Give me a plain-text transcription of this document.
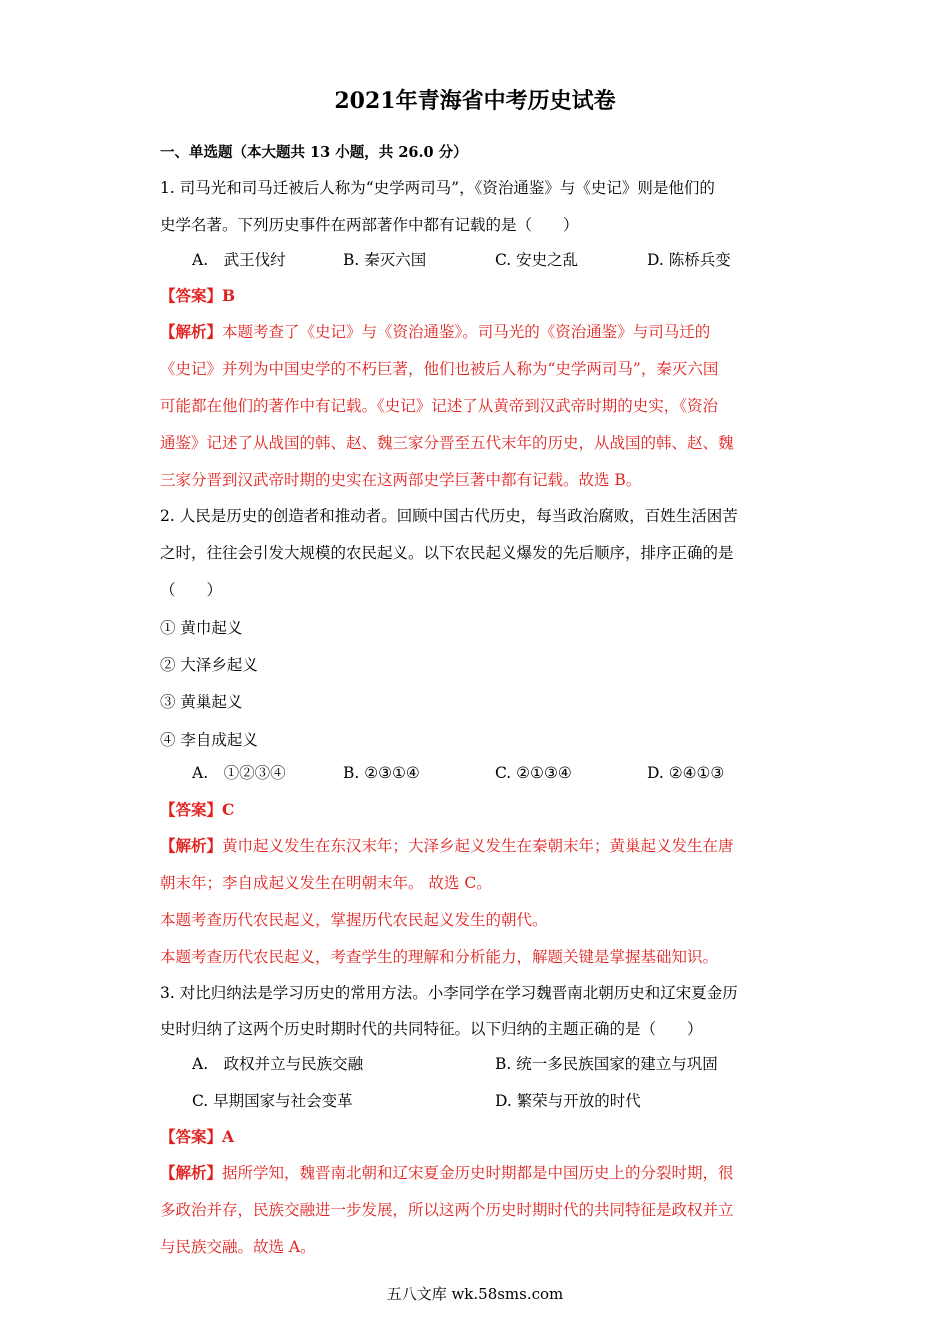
2021年青海省中考历史试卷
一、单选题（本大题共 13 小题，共 26.0 分）
1. 司马光和司马迁被后人称为“史学两司马”，《资治通鉴》与《史记》则是他们的
史学名著。下列历史事件在两部著作中都有记载的是（　　）
A.　武王伐纣	B. 秦灭六国	C. 安史之乱	D. 陈桥兵变
【答案】B
【解析】本题考查了《史记》与《资治通鉴》。司马光的《资治通鉴》与司马迁的
《史记》并列为中国史学的不朽巨著，他们也被后人称为“史学两司马”，秦灭六国
可能都在他们的著作中有记载。《史记》记述了从黄帝到汉武帝时期的史实，《资治
通鉴》记述了从战国的韩、赵、魏三家分晋至五代末年的历史，从战国的韩、赵、魏
三家分晋到汉武帝时期的史实在这两部史学巨著中都有记载。故选 B。
2. 人民是历史的创造者和推动者。回顾中国古代历史，每当政治腐败，百姓生活困苦
之时，往往会引发大规模的农民起义。以下农民起义爆发的先后顺序，排序正确的是
（　　）
① 黄巾起义
② 大泽乡起义
③ 黄巢起义
④ 李自成起义
A.　①②③④	B. ②③①④	C. ②①③④	D. ②④①③
【答案】C
【解析】黄巾起义发生在东汉末年；大泽乡起义发生在秦朝末年；黄巢起义发生在唐
朝末年；李自成起义发生在明朝末年。 故选 C。
本题考查历代农民起义，掌握历代农民起义发生的朝代。
本题考查历代农民起义，考查学生的理解和分析能力，解题关键是掌握基础知识。
3. 对比归纳法是学习历史的常用方法。小李同学在学习魏晋南北朝历史和辽宋夏金历
史时归纳了这两个历史时期时代的共同特征。以下归纳的主题正确的是（　　）
A.　政权并立与民族交融	B. 统一多民族国家的建立与巩固
C. 早期国家与社会变革	D. 繁荣与开放的时代
【答案】A
【解析】据所学知，魏晋南北朝和辽宋夏金历史时期都是中国历史上的分裂时期，很
多政治并存，民族交融进一步发展，所以这两个历史时期时代的共同特征是政权并立
与民族交融。故选 A。
五八文库 wk.58sms.com
